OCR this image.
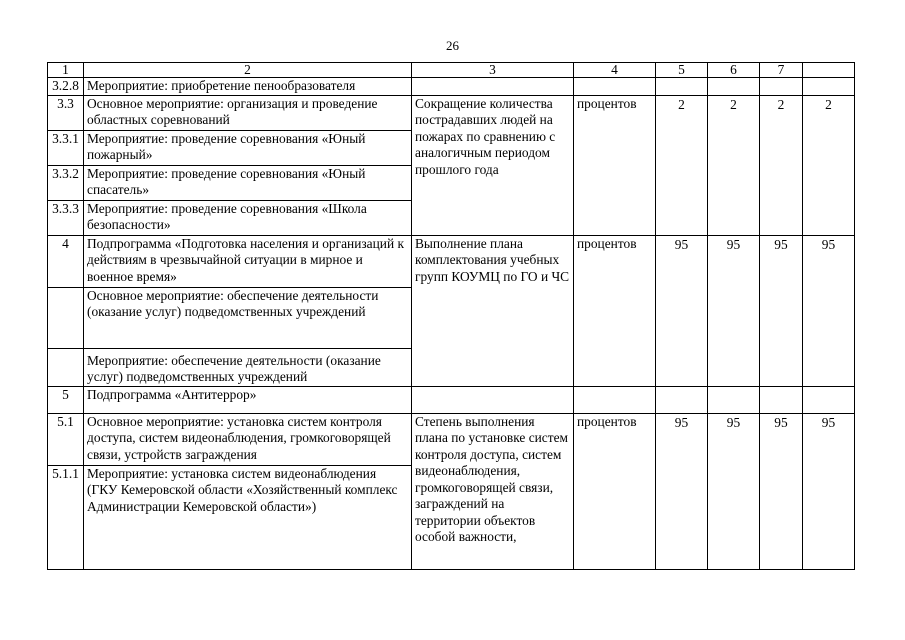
26
1	2	3	4	5	6	7	
3.2.8	Мероприятие: приобретение пенообразователя						
3.3	Основное мероприятие: организация и проведение областных соревнований	Сокращение количества пострадавших людей на пожарах по сравнению с аналогичным периодом прошлого года	процентов	2	2	2	2
3.3.1	Мероприятие: проведение соревнования «Юный пожарный»						
3.3.2	Мероприятие: проведение соревнования «Юный спасатель»						
3.3.3	Мероприятие: проведение соревнования «Школа безопасности»						
4	Подпрограмма «Подготовка населения и организаций к действиям в чрезвычайной ситуации в мирное и военное время»	Выполнение плана комплектования учебных групп КОУМЦ по ГО и ЧС	процентов	95	95	95	95
	Основное мероприятие: обеспечение деятельности (оказание услуг) подведомственных учреждений						
	Мероприятие: обеспечение деятельности (оказание услуг) подведомственных учреждений						
5	Подпрограмма «Антитеррор»						
5.1	Основное мероприятие: установка систем контроля доступа, систем видеонаблюдения, громкоговорящей связи, устройств заграждения	Степень выполнения плана по установке систем контроля доступа, систем видеонаблюдения, громкоговорящей связи, заграждений на территории объектов особой важности,	процентов	95	95	95	95
5.1.1	Мероприятие: установка систем видеонаблюдения (ГКУ Кемеровской области «Хозяйственный комплекс Администрации Кемеровской области»)						
